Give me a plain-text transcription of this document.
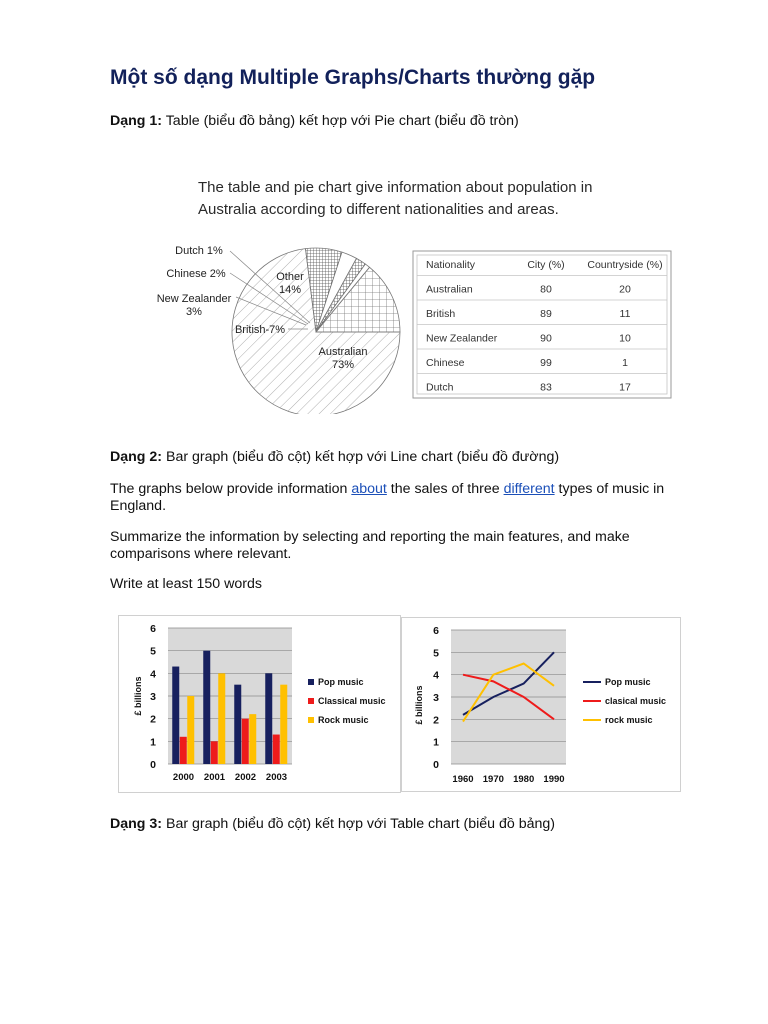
Một số dạng Multiple Graphs/Charts thường gặp

Dạng 1: Table (biểu đồ bảng) kết hợp với Pie chart (biểu đồ tròn)

The table and pie chart give information about population in
Australia according to different nationalities and areas.
Australian 73%
British-7%
New Zealander 3%
Chinese 2%
Dutch 1%
Other 14%
Nationality	City (%) Countryside (%)
Australian	80	20
British	89	11
New Zealander	90	10
Chinese	99	1
Dutch	83	17

Dạng 2: Bar graph (biểu đồ cột) kết hợp với Line chart (biểu đồ đường)

The graphs below provide information about the sales of three different types of music in England.

Summarize the information by selecting and reporting the main features, and make comparisons where relevant.

Write at least 150 words

0
1
2
3
4
5
6
£ billions
2000 2001 2002 2003
Pop music
Classical music
Rock music
0
1
2
3
4
5
6
£ billions
1960 1970 1980 1990
Pop music
clasical music
rock music

Dạng 3: Bar graph (biểu đồ cột) kết hợp với Table chart (biểu đồ bảng)
